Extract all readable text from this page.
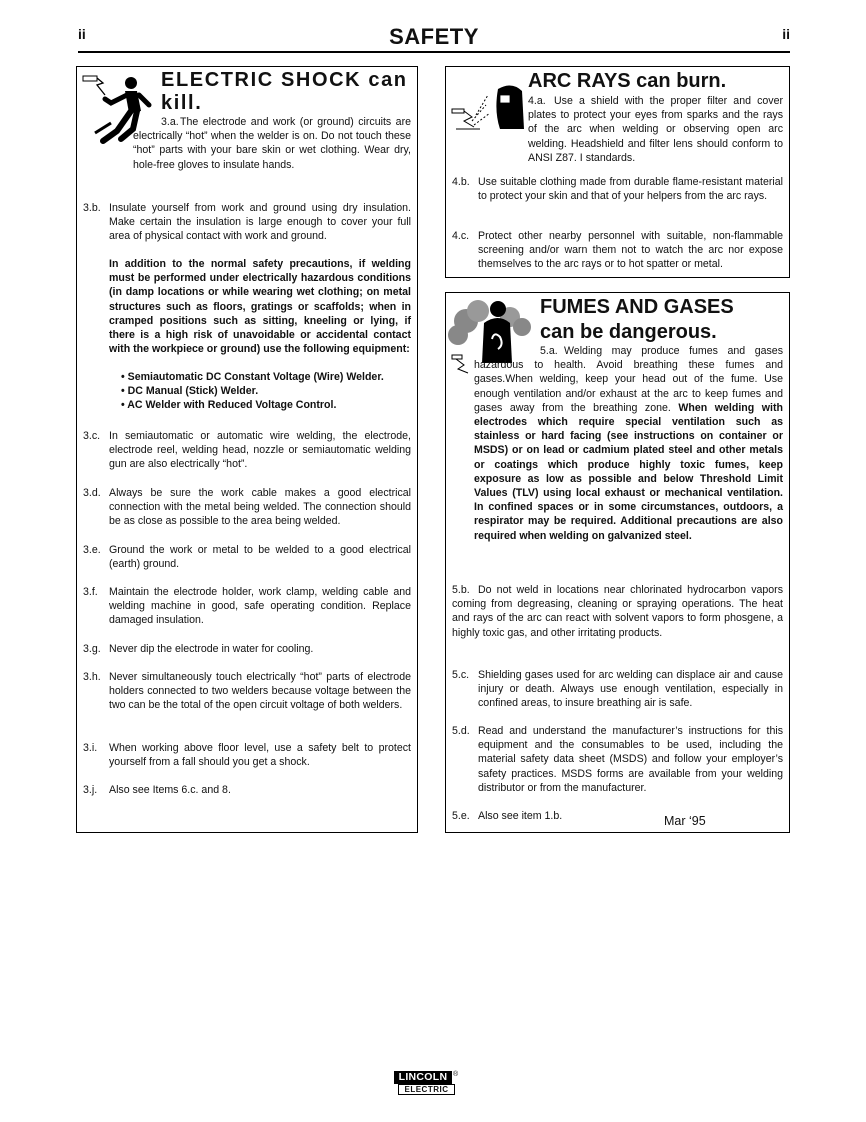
ii	SAFETY	ii
ELECTRIC SHOCK can kill.
3.a. The electrode and work (or ground) circuits are electrically “hot” when the welder is on. Do not touch these “hot” parts with your bare skin or wet clothing. Wear dry, hole-free gloves to insulate hands.
3.b. Insulate yourself from work and ground using dry insulation. Make certain the insulation is large enough to cover your full area of physical contact with work and ground.
In addition to the normal safety precautions, if welding must be performed under electrically hazardous conditions (in damp locations or while wearing wet clothing; on metal structures such as floors, gratings or scaffolds; when in cramped positions such as sitting, kneeling or lying, if there is a high risk of unavoidable or accidental contact with the workpiece or ground) use the following equipment:
• Semiautomatic DC Constant Voltage (Wire) Welder.
• DC Manual (Stick) Welder.
• AC Welder with Reduced Voltage Control.
3.c. In semiautomatic or automatic wire welding, the electrode, electrode reel, welding head, nozzle or semiautomatic welding gun are also electrically “hot”.
3.d. Always be sure the work cable makes a good electrical connection with the metal being welded. The connection should be as close as possible to the area being welded.
3.e. Ground the work or metal to be welded to a good electrical (earth) ground.
3.f. Maintain the electrode holder, work clamp, welding cable and welding machine in good, safe operating condition. Replace damaged insulation.
3.g. Never dip the electrode in water for cooling.
3.h. Never simultaneously touch electrically “hot” parts of electrode holders connected to two welders because voltage between the two can be the total of the open circuit voltage of both welders.
3.i. When working above floor level, use a safety belt to protect yourself from a fall should you get a shock.
3.j. Also see Items 6.c. and 8.
ARC RAYS can burn.
4.a. Use a shield with the proper filter and cover plates to protect your eyes from sparks and the rays of the arc when welding or observing open arc welding. Headshield and filter lens should conform to ANSI Z87. I standards.
4.b. Use suitable clothing made from durable flame-resistant material to protect your skin and that of your helpers from the arc rays.
4.c. Protect other nearby personnel with suitable, non-flammable screening and/or warn them not to watch the arc nor expose themselves to the arc rays or to hot spatter or metal.
FUMES AND GASES
can be dangerous.
5.a. Welding may produce fumes and gases hazardous to health. Avoid breathing these fumes and gases.When welding, keep your head out of the fume. Use enough ventilation and/or exhaust at the arc to keep fumes and gases away from the breathing zone. When welding with electrodes which require special ventilation such as stainless or hard facing (see instructions on container or MSDS) or on lead or cadmium plated steel and other metals or coatings which produce highly toxic fumes, keep exposure as low as possible and below Threshold Limit Values (TLV) using local exhaust or mechanical ventilation. In confined spaces or in some circumstances, outdoors, a respirator may be required. Additional precautions are also required when welding on galvanized steel.
5.b. Do not weld in locations near chlorinated hydrocarbon vapors coming from degreasing, cleaning or spraying operations. The heat and rays of the arc can react with solvent vapors to form phosgene, a highly toxic gas, and other irritating products.
5.c. Shielding gases used for arc welding can displace air and cause injury or death. Always use enough ventilation, especially in confined areas, to insure breathing air is safe.
5.d. Read and understand the manufacturer’s instructions for this equipment and the consumables to be used, including the material safety data sheet (MSDS) and follow your employer’s safety practices. MSDS forms are available from your welding distributor or from the manufacturer.
5.e. Also see item 1.b.	Mar ‘95
LINCOLN
ELECTRIC
®
